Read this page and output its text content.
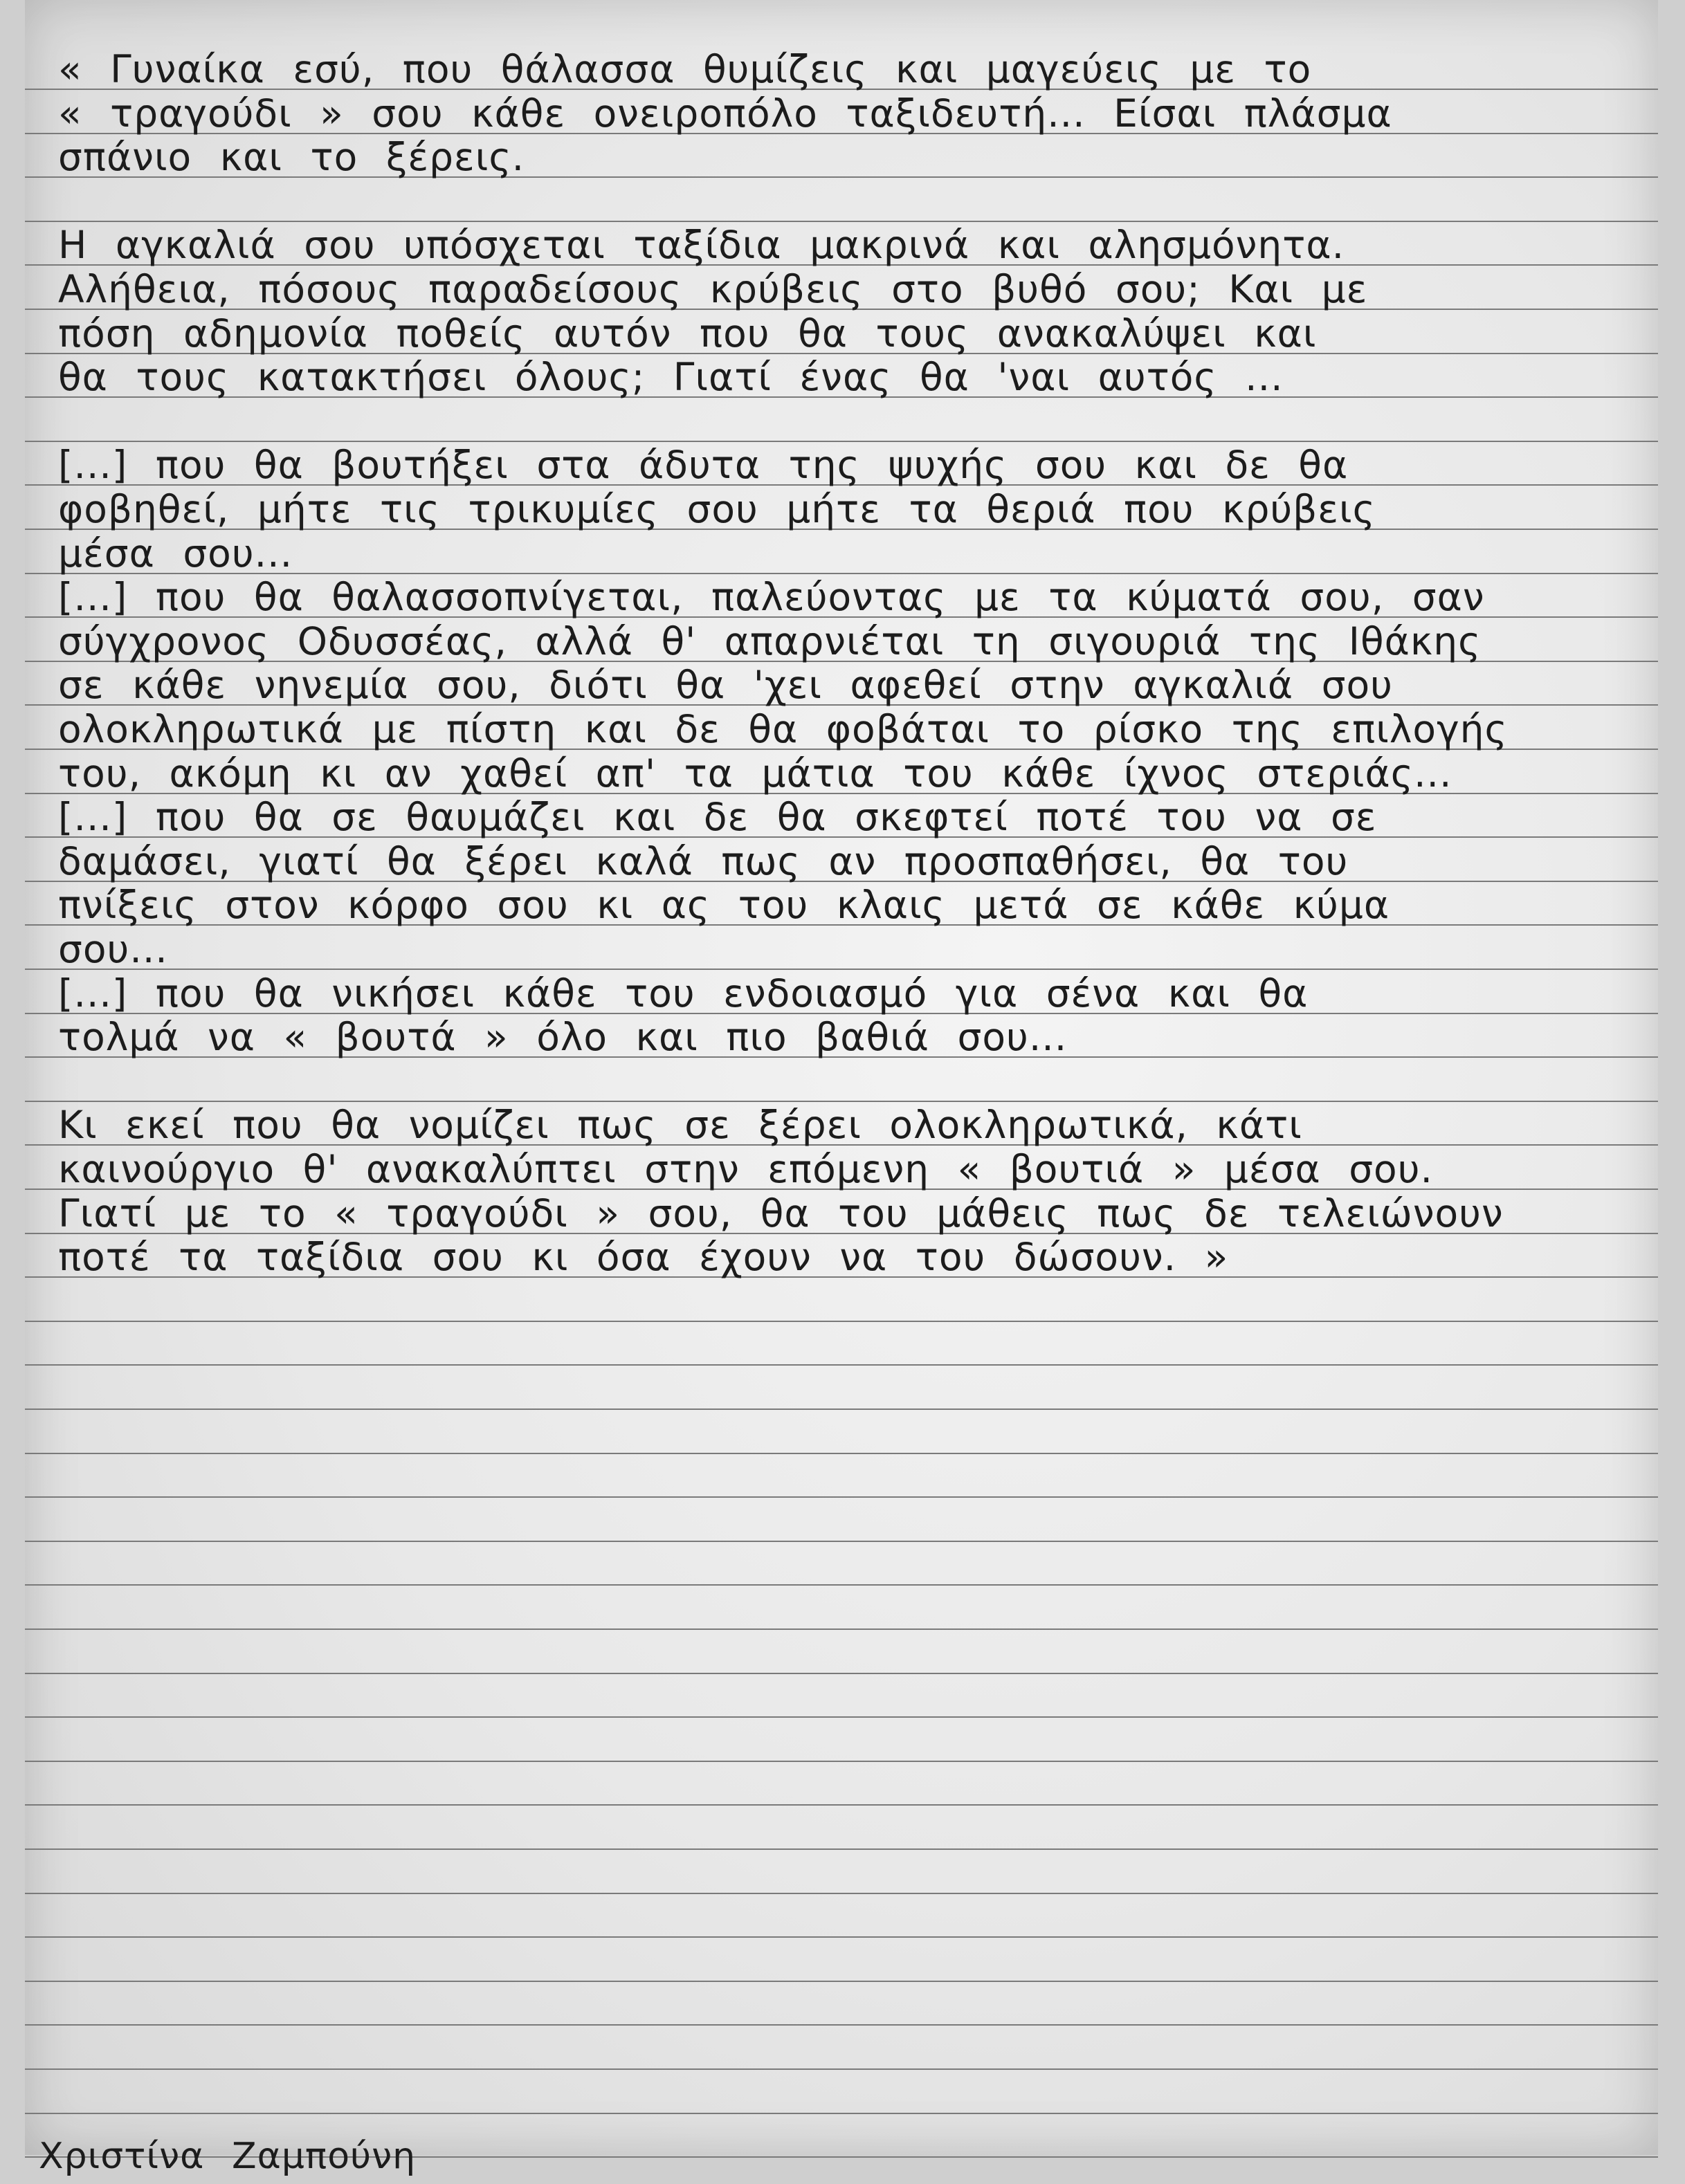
« Γυναίκα εσύ, που θάλασσα θυμίζεις και μαγεύεις με το
« τραγούδι » σου κάθε ονειροπόλο ταξιδευτή... Είσαι πλάσμα
σπάνιο και το ξέρεις.
Η αγκαλιά σου υπόσχεται ταξίδια μακρινά και αλησμόνητα.
Αλήθεια, πόσους παραδείσους κρύβεις στο βυθό σου; Και με
πόση αδημονία ποθείς αυτόν που θα τους ανακαλύψει και
θα τους κατακτήσει όλους; Γιατί ένας θα 'ναι αυτός ...
[...] που θα βουτήξει στα άδυτα της ψυχής σου και δε θα
φοβηθεί, μήτε τις τρικυμίες σου μήτε τα θεριά που κρύβεις
μέσα σου...
[...] που θα θαλασσοπνίγεται, παλεύοντας με τα κύματά σου, σαν
σύγχρονος Οδυσσέας, αλλά θ' απαρνιέται τη σιγουριά της Ιθάκης
σε κάθε νηνεμία σου, διότι θα 'χει αφεθεί στην αγκαλιά σου
ολοκληρωτικά με πίστη και δε θα φοβάται το ρίσκο της επιλογής
του, ακόμη κι αν χαθεί απ' τα μάτια του κάθε ίχνος στεριάς...
[...] που θα σε θαυμάζει και δε θα σκεφτεί ποτέ του να σε
δαμάσει, γιατί θα ξέρει καλά πως αν προσπαθήσει, θα του
πνίξεις στον κόρφο σου κι ας του κλαις μετά σε κάθε κύμα
σου...
[...] που θα νικήσει κάθε του ενδοιασμό για σένα και θα
τολμά να « βουτά » όλο και πιο βαθιά σου...
Κι εκεί που θα νομίζει πως σε ξέρει ολοκληρωτικά, κάτι
καινούργιο θ' ανακαλύπτει στην επόμενη « βουτιά » μέσα σου.
Γιατί με το « τραγούδι » σου, θα του μάθεις πως δε τελειώνουν
ποτέ τα ταξίδια σου κι όσα έχουν να του δώσουν. »
Χριστίνα Ζαμπούνη
